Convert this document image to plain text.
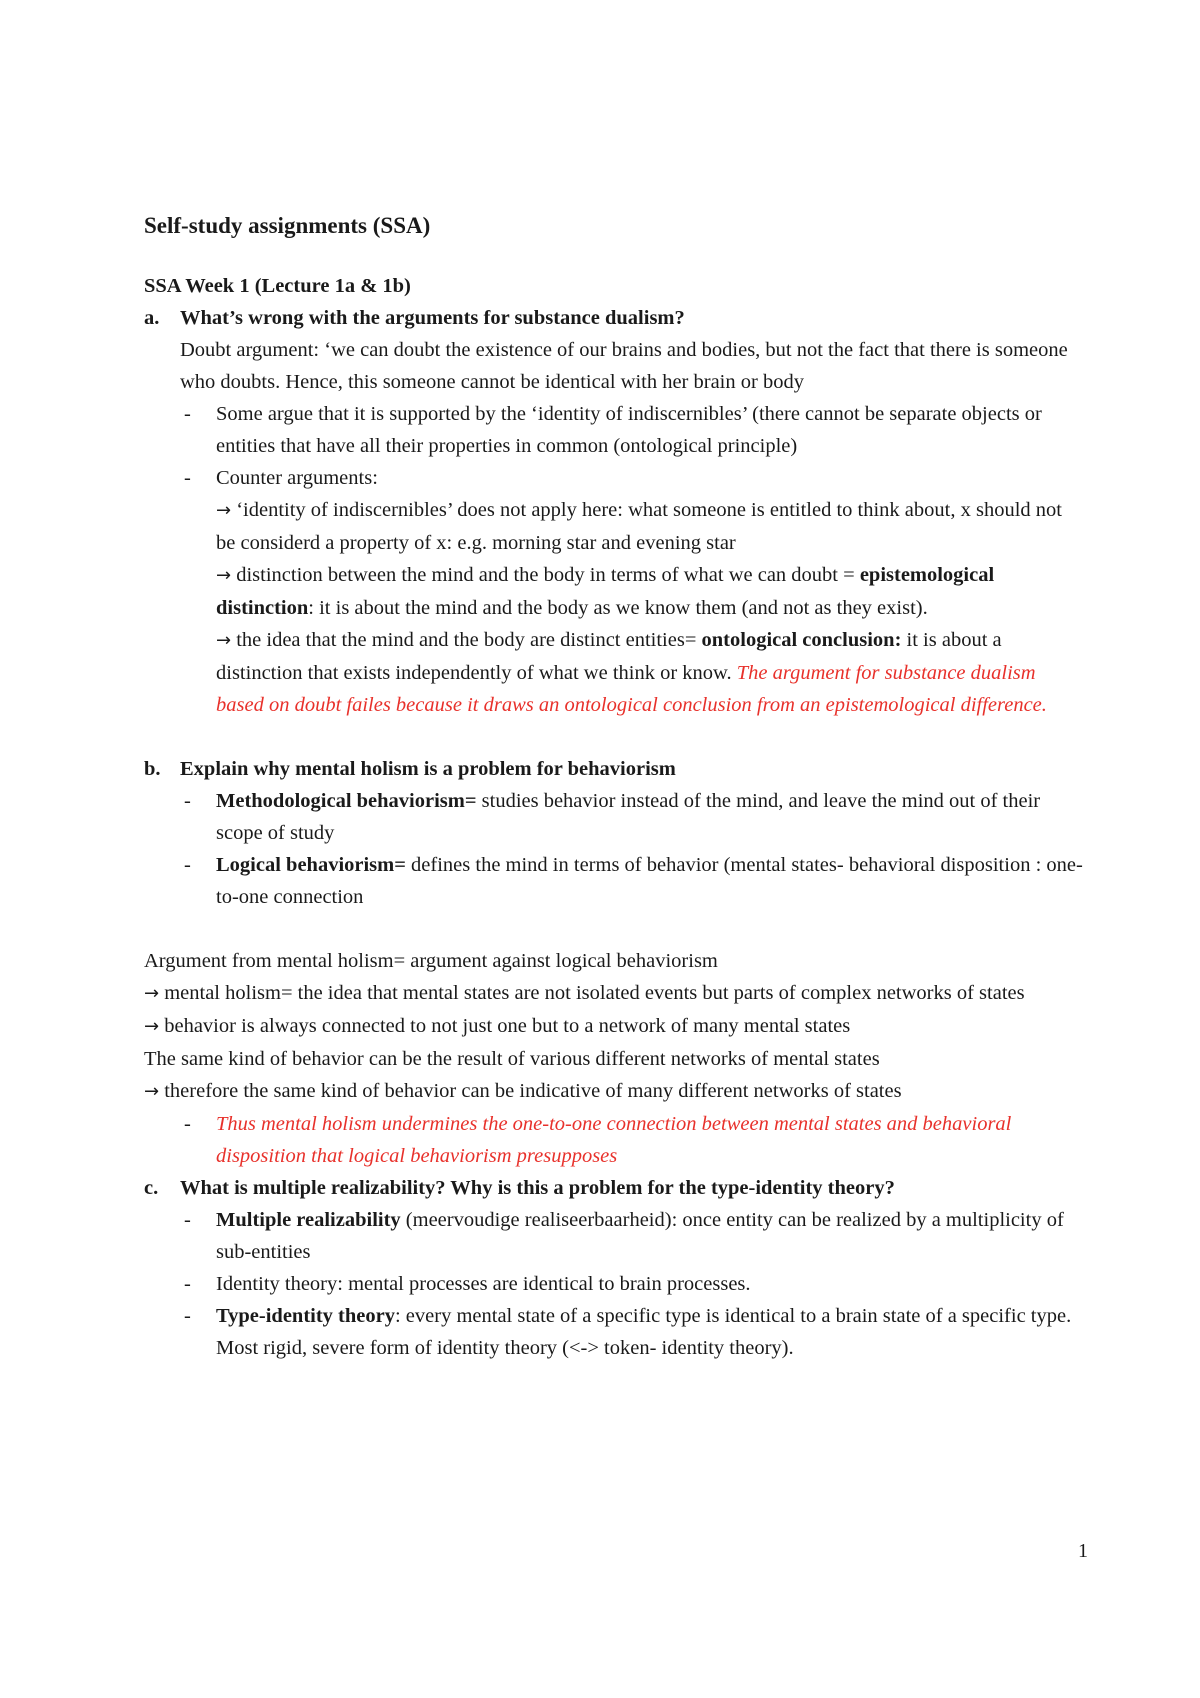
Self-study assignments (SSA)
SSA Week 1 (Lecture 1a & 1b)
a. What’s wrong with the arguments for substance dualism?
Doubt argument: ‘we can doubt the existence of our brains and bodies, but not the fact that there is someone who doubts. Hence, this someone cannot be identical with her brain or body
- Some argue that it is supported by the ‘identity of indiscernibles’ (there cannot be separate objects or entities that have all their properties in common (ontological principle)
- Counter arguments:
→ ‘identity of indiscernibles’ does not apply here: what someone is entitled to think about, x should not be considerd a property of x: e.g. morning star and evening star
→ distinction between the mind and the body in terms of what we can doubt = epistemological distinction: it is about the mind and the body as we know them (and not as they exist).
→ the idea that the mind and the body are distinct entities= ontological conclusion: it is about a distinction that exists independently of what we think or know. The argument for substance dualism based on doubt failes because it draws an ontological conclusion from an epistemological difference.
b. Explain why mental holism is a problem for behaviorism
- Methodological behaviorism= studies behavior instead of the mind, and leave the mind out of their scope of study
- Logical behaviorism= defines the mind in terms of behavior (mental states- behavioral disposition : one-to-one connection
Argument from mental holism= argument against logical behaviorism
→ mental holism= the idea that mental states are not isolated events but parts of complex networks of states
→ behavior is always connected to not just one but to a network of many mental states
The same kind of behavior can be the result of various different networks of mental states
→ therefore the same kind of behavior can be indicative of many different networks of states
- Thus mental holism undermines the one-to-one connection between mental states and behavioral disposition that logical behaviorism presupposes
c. What is multiple realizability? Why is this a problem for the type-identity theory?
- Multiple realizability (meervoudige realiseerbaarheid): once entity can be realized by a multiplicity of sub-entities
- Identity theory: mental processes are identical to brain processes.
- Type-identity theory: every mental state of a specific type is identical to a brain state of a specific type. Most rigid, severe form of identity theory (<-> token- identity theory).
1
